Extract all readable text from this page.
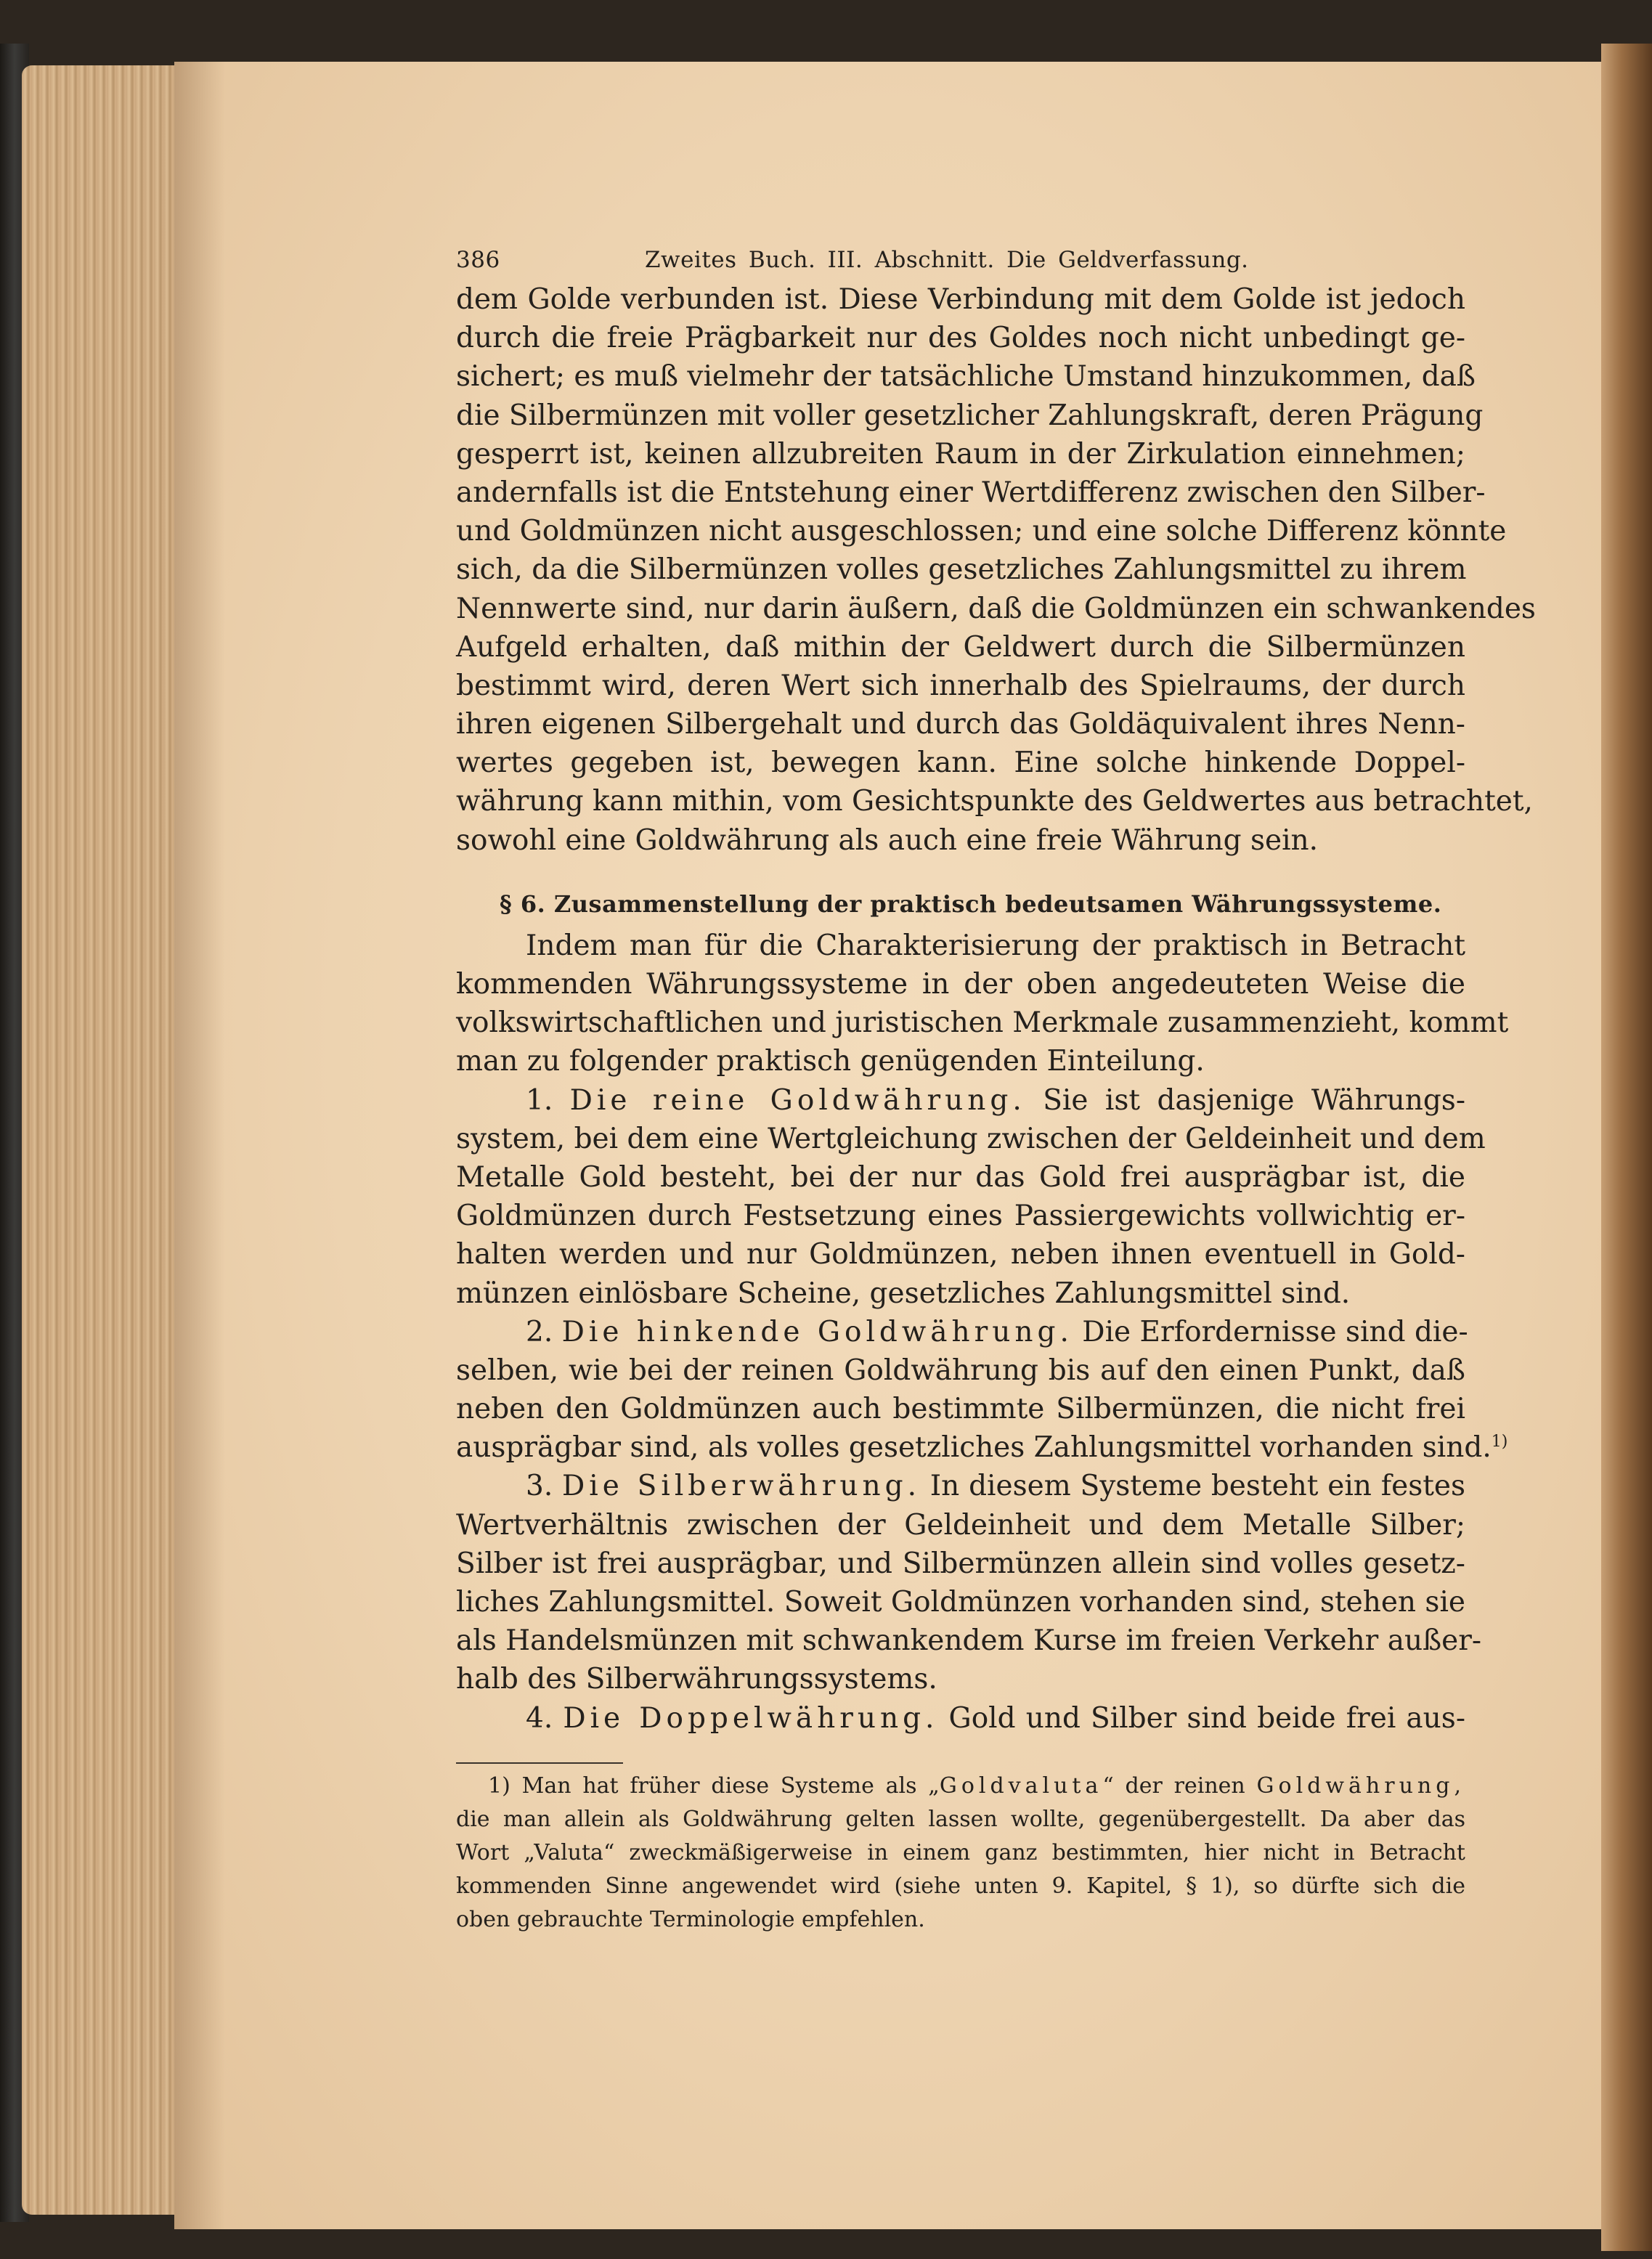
386	Zweites Buch. III. Abschnitt. Die Geldverfassung.
dem Golde verbunden ist. Diese Verbindung mit dem Golde ist jedoch
durch die freie Prägbarkeit nur des Goldes noch nicht unbedingt ge-
sichert; es muß vielmehr der tatsächliche Umstand hinzukommen, daß
die Silbermünzen mit voller gesetzlicher Zahlungskraft, deren Prägung
gesperrt ist, keinen allzubreiten Raum in der Zirkulation einnehmen;
andernfalls ist die Entstehung einer Wertdifferenz zwischen den Silber-
und Goldmünzen nicht ausgeschlossen; und eine solche Differenz könnte
sich, da die Silbermünzen volles gesetzliches Zahlungsmittel zu ihrem
Nennwerte sind, nur darin äußern, daß die Goldmünzen ein schwankendes
Aufgeld erhalten, daß mithin der Geldwert durch die Silbermünzen
bestimmt wird, deren Wert sich innerhalb des Spielraums, der durch
ihren eigenen Silbergehalt und durch das Goldäquivalent ihres Nenn-
wertes gegeben ist, bewegen kann. Eine solche hinkende Doppel-
währung kann mithin, vom Gesichtspunkte des Geldwertes aus betrachtet,
sowohl eine Goldwährung als auch eine freie Währung sein.
§ 6. Zusammenstellung der praktisch bedeutsamen Währungssysteme.
Indem man für die Charakterisierung der praktisch in Betracht
kommenden Währungssysteme in der oben angedeuteten Weise die
volkswirtschaftlichen und juristischen Merkmale zusammenzieht, kommt
man zu folgender praktisch genügenden Einteilung.
1. Die reine Goldwährung. Sie ist dasjenige Währungs-
system, bei dem eine Wertgleichung zwischen der Geldeinheit und dem
Metalle Gold besteht, bei der nur das Gold frei ausprägbar ist, die
Goldmünzen durch Festsetzung eines Passiergewichts vollwichtig er-
halten werden und nur Goldmünzen, neben ihnen eventuell in Gold-
münzen einlösbare Scheine, gesetzliches Zahlungsmittel sind.
2. Die hinkende Goldwährung. Die Erfordernisse sind die-
selben, wie bei der reinen Goldwährung bis auf den einen Punkt, daß
neben den Goldmünzen auch bestimmte Silbermünzen, die nicht frei
ausprägbar sind, als volles gesetzliches Zahlungsmittel vorhanden sind.$^{1)}$
3. Die Silberwährung. In diesem Systeme besteht ein festes
Wertverhältnis zwischen der Geldeinheit und dem Metalle Silber;
Silber ist frei ausprägbar, und Silbermünzen allein sind volles gesetz-
liches Zahlungsmittel. Soweit Goldmünzen vorhanden sind, stehen sie
als Handelsmünzen mit schwankendem Kurse im freien Verkehr außer-
halb des Silberwährungssystems.
4. Die Doppelwährung. Gold und Silber sind beide frei aus-
1) Man hat früher diese Systeme als „Goldvaluta“ der reinen Goldwährung,
die man allein als Goldwährung gelten lassen wollte, gegenübergestellt. Da aber das
Wort „Valuta“ zweckmäßigerweise in einem ganz bestimmten, hier nicht in Betracht
kommenden Sinne angewendet wird (siehe unten 9. Kapitel, § 1), so dürfte sich die
oben gebrauchte Terminologie empfehlen.
